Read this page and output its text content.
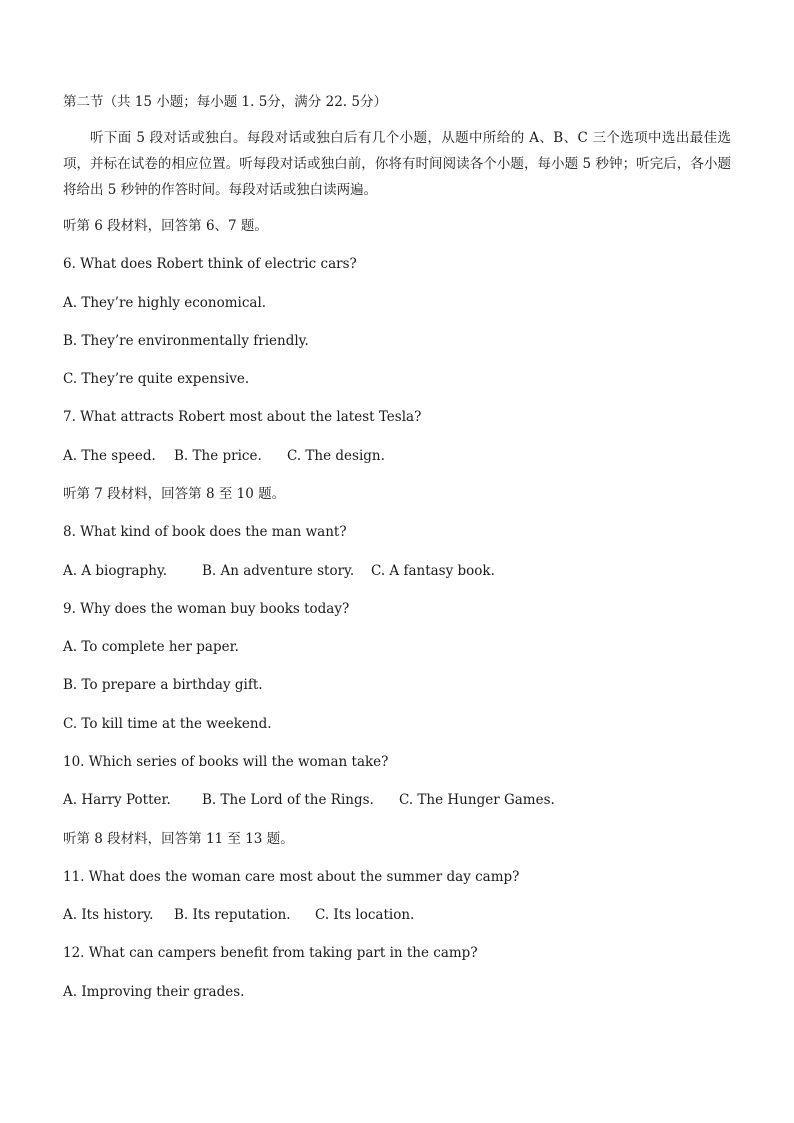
第二节（共 15 小题；每小题 1. 5分，满分 22. 5分）
听下面 5 段对话或独白。每段对话或独白后有几个小题，从题中所给的 A、B、C 三个选项中选出最佳选项，并标在试卷的相应位置。听每段对话或独白前，你将有时间阅读各个小题，每小题 5 秒钟；听完后，各小题将给出 5 秒钟的作答时间。每段对话或独白读两遍。
听第 6 段材料，回答第 6、7 题。
6. What does Robert think of electric cars?
A. They’re highly economical.
B. They’re environmentally friendly.
C. They’re quite expensive.
7. What attracts Robert most about the latest Tesla?
A. The speed. B. The price. C. The design.
听第 7 段材料，回答第 8 至 10 题。
8. What kind of book does the man want?
A. A biography.	B. An adventure story. C. A fantasy book.
9. Why does the woman buy books today?
A. To complete her paper.
B. To prepare a birthday gift.
C. To kill time at the weekend.
10. Which series of books will the woman take?
A. Harry Potter. B. The Lord of the Rings. C. The Hunger Games.
听第 8 段材料，回答第 11 至 13 题。
11. What does the woman care most about the summer day camp?
A. Its history. B. Its reputation. C. Its location.
12. What can campers benefit from taking part in the camp?
A. Improving their grades.
